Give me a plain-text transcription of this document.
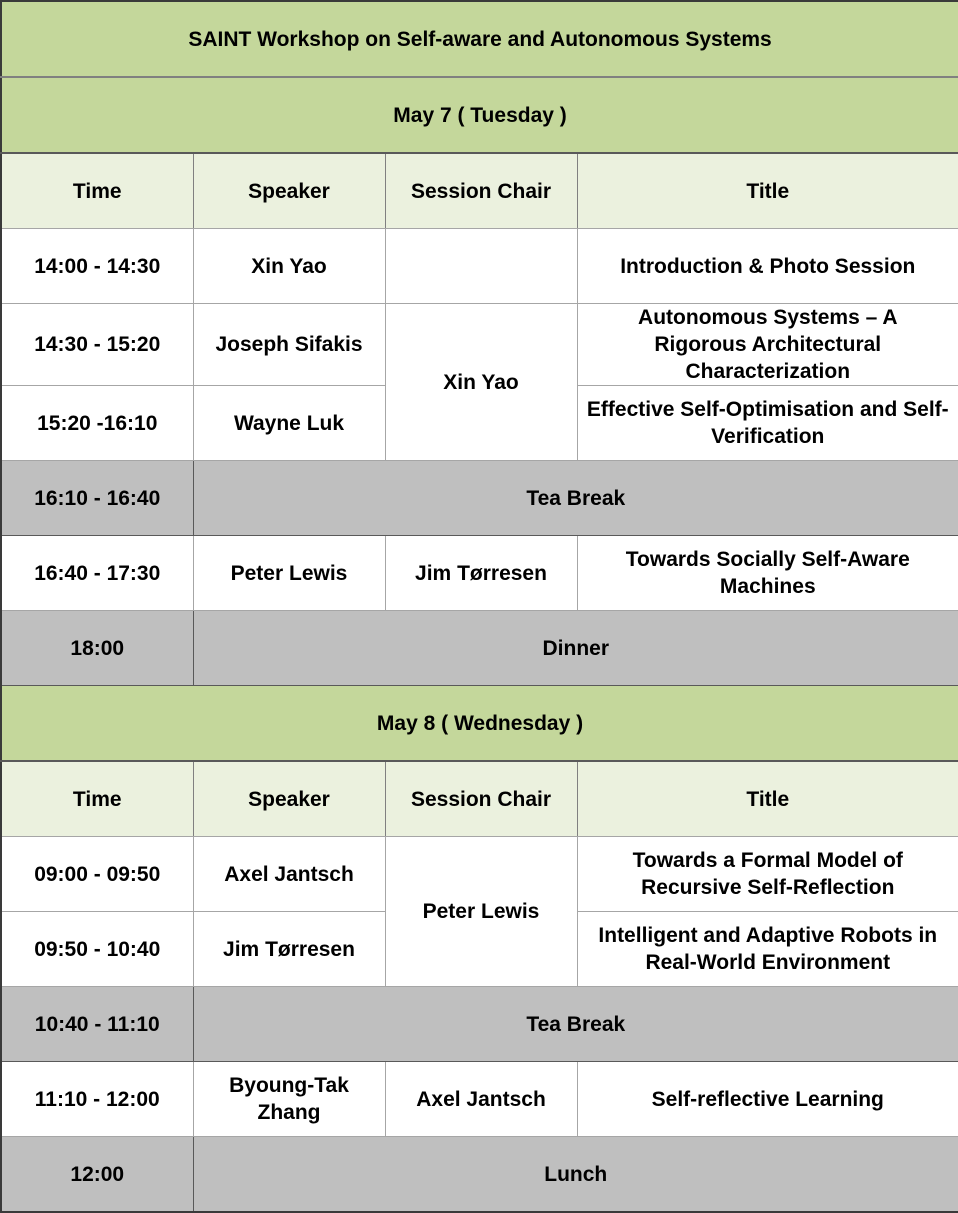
SAINT Workshop on Self-aware and Autonomous Systems			
May 7 ( Tuesday )			
Time	Speaker	Session Chair	Title
14:00 - 14:30	Xin Yao		Introduction & Photo Session
14:30 - 15:20	Joseph Sifakis	Xin Yao	Autonomous Systems – A Rigorous Architectural Characterization
15:20 -16:10	Wayne Luk		Effective Self-Optimisation and Self-Verification
16:10 - 16:40	Tea Break		
16:40 - 17:30	Peter Lewis	Jim Tørresen	Towards Socially Self-Aware Machines
18:00	Dinner		
May 8 ( Wednesday )			
Time	Speaker	Session Chair	Title
09:00 - 09:50	Axel Jantsch	Peter Lewis	Towards a Formal Model of Recursive Self-Reflection
09:50 - 10:40	Jim Tørresen		Intelligent and Adaptive Robots in Real-World Environment
10:40 - 11:10	Tea Break		
11:10 - 12:00	Byoung-Tak Zhang	Axel Jantsch	Self-reflective Learning
12:00	Lunch		
